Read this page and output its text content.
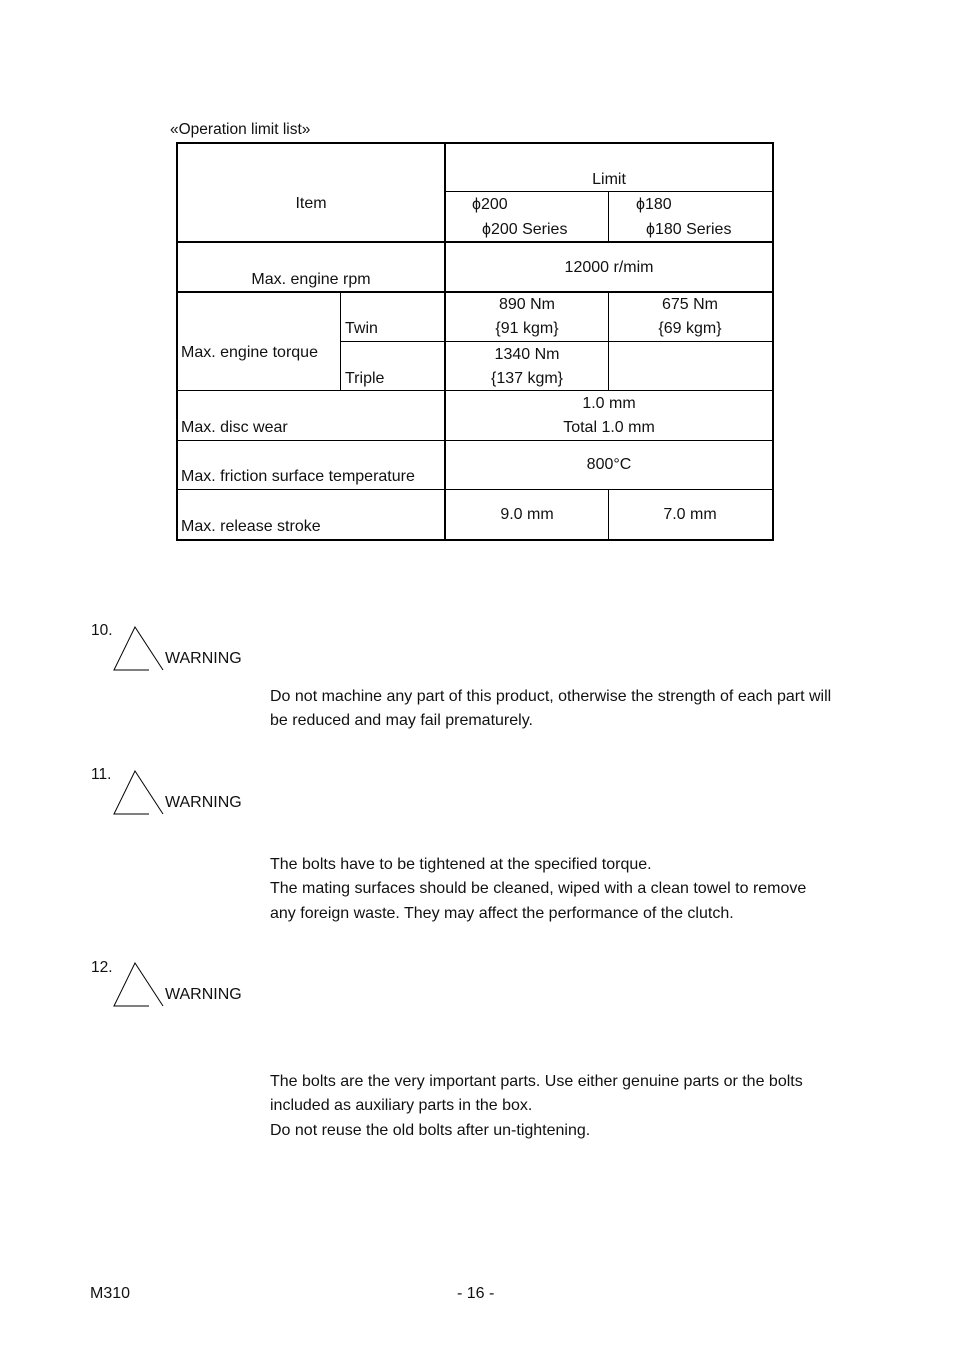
«Operation limit list»
Item
Limit
ϕ200
ϕ200 Series
ϕ180
ϕ180 Series
Max. engine rpm
12000 r/mim
Max. engine torque
Twin
Triple
890 Nm
{91 kgm}
675 Nm
{69 kgm}
1340 Nm
{137 kgm}
Max. disc wear
1.0 mm
Total 1.0 mm
Max. friction surface temperature
800°C
Max. release stroke
9.0 mm	7.0 mm
10.
WARNING
Do not machine any part of this product, otherwise the strength of each part will
be reduced and may fail prematurely.
11.
WARNING
The bolts have to be tightened at the specified torque.
The mating surfaces should be cleaned, wiped with a clean towel to remove
any foreign waste. They may affect the performance of the clutch.
12.
WARNING
The bolts are the very important parts. Use either genuine parts or the bolts
included as auxiliary parts in the box.
Do not reuse the old bolts after un-tightening.
M310	- 16 -
